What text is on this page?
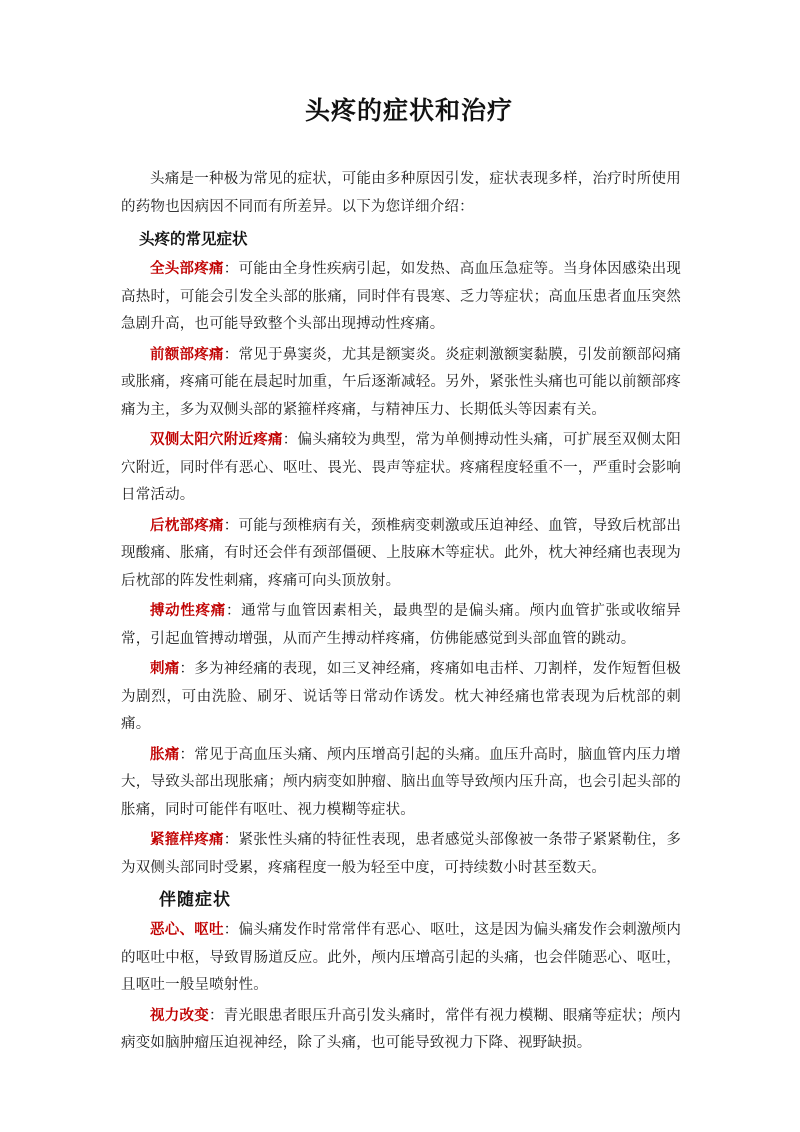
头疼的症状和治疗

头痛是一种极为常见的症状，可能由多种原因引发，症状表现多样，治疗时所使用的药物也因病因不同而有所差异。以下为您详细介绍：

头疼的常见症状

全头部疼痛：可能由全身性疾病引起，如发热、高血压急症等。当身体因感染出现高热时，可能会引发全头部的胀痛，同时伴有畏寒、乏力等症状；高血压患者血压突然急剧升高，也可能导致整个头部出现搏动性疼痛。

前额部疼痛：常见于鼻窦炎，尤其是额窦炎。炎症刺激额窦黏膜，引发前额部闷痛或胀痛，疼痛可能在晨起时加重，午后逐渐减轻。另外，紧张性头痛也可能以前额部疼痛为主，多为双侧头部的紧箍样疼痛，与精神压力、长期低头等因素有关。

双侧太阳穴附近疼痛：偏头痛较为典型，常为单侧搏动性头痛，可扩展至双侧太阳穴附近，同时伴有恶心、呕吐、畏光、畏声等症状。疼痛程度轻重不一，严重时会影响日常活动。

后枕部疼痛：可能与颈椎病有关，颈椎病变刺激或压迫神经、血管，导致后枕部出现酸痛、胀痛，有时还会伴有颈部僵硬、上肢麻木等症状。此外，枕大神经痛也表现为后枕部的阵发性刺痛，疼痛可向头顶放射。

搏动性疼痛：通常与血管因素相关，最典型的是偏头痛。颅内血管扩张或收缩异常，引起血管搏动增强，从而产生搏动样疼痛，仿佛能感觉到头部血管的跳动。

刺痛：多为神经痛的表现，如三叉神经痛，疼痛如电击样、刀割样，发作短暂但极为剧烈，可由洗脸、刷牙、说话等日常动作诱发。枕大神经痛也常表现为后枕部的刺痛。

胀痛：常见于高血压头痛、颅内压增高引起的头痛。血压升高时，脑血管内压力增大，导致头部出现胀痛；颅内病变如肿瘤、脑出血等导致颅内压升高，也会引起头部的胀痛，同时可能伴有呕吐、视力模糊等症状。

紧箍样疼痛：紧张性头痛的特征性表现，患者感觉头部像被一条带子紧紧勒住，多为双侧头部同时受累，疼痛程度一般为轻至中度，可持续数小时甚至数天。

伴随症状

恶心、呕吐：偏头痛发作时常常伴有恶心、呕吐，这是因为偏头痛发作会刺激颅内的呕吐中枢，导致胃肠道反应。此外，颅内压增高引起的头痛，也会伴随恶心、呕吐，且呕吐一般呈喷射性。

视力改变：青光眼患者眼压升高引发头痛时，常伴有视力模糊、眼痛等症状；颅内病变如脑肿瘤压迫视神经，除了头痛，也可能导致视力下降、视野缺损。
